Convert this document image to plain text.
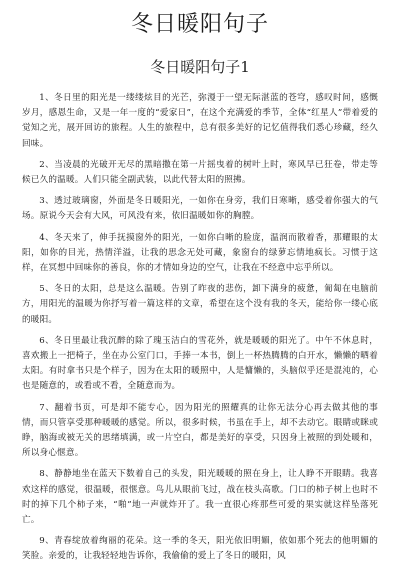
冬日暖阳句子
冬日暖阳句子1

1、冬日里的阳光是一缕缕炫目的光芒，弥漫于一望无际湛蓝的苍穹，感叹时间，感慨岁月，感恩生命，又是一年一度的“爱家日”，在这个充满爱的季节，全体“红星人”带着爱的觉知之光，展开回访的旅程。人生的旅程中，总有很多美好的记忆值得我们悉心珍藏，经久回味。

2、当凌晨的光破开无尽的黑暗撒在第一片摇曳着的树叶上时，寒风早已狂卷，带走等候已久的温暖。人们只能全副武装，以此代替太阳的照拂。

3、透过玻璃窗，外面是冬日暖阳光，一如你在身旁，我们日寒晰，感受着你强大的气场。原说今天会有大风，可风没有来，依旧温暖如你的胸膛。

4、冬天来了，伸手抚摸窗外的阳光，一如你白晰的脸庞，温润而散着香，那耀眼的太阳，如你的目光，热情洋溢，让我的思念无处可藏，象窗台的绿萝忘情地疯长。习惯于这样，在冥想中回味你的善良，你的才情如身边的空气，让我在不经意中忘乎所以。

5、冬日的太阳，总是这么温暖。告别了昨夜的悲伤，卸下满身的疲惫，匍匐在电脑前方，用阳光的温暖为你抒写着一篇这样的文章，希望在这个没有我的冬天，能给你一缕心底的暖阳。

6、冬日里最让我沉醉的除了瑰玉洁白的雪花外，就是暖暖的阳光了。中午不休息时，喜欢搬上一把椅子，坐在办公室门口，手捧一本书，倒上一杯热腾腾的白开水，懒懒的晒着太阳。有时拿书只是个样子，因为在太阳的暖照中，人是慵懒的，头脑似乎还是混沌的，心也是随意的，或看或不看，全随意而为。

7、翻着书页，可是却不能专心，因为阳光的照耀真的让你无法分心再去做其他的事情，而只管享受那种暖暖的感觉。所以，很多时候，书虽在手上，却不去动它。眼睛或眯或睁，脑海或被无关的思绪填满，或一片空白，都是美好的享受，只因身上被照的到处暖和，所以身心惬意。

8、静静地坐在蓝天下数着自己的头发，阳光暖暖的照在身上，让人睁不开眼睛。我喜欢这样的感觉，很温暖，很惬意。鸟儿从眼前飞过，战在枝头高歌。门口的柿子树上也时不时的掉下几个柿子来，“啪”地一声就炸开了。我一直很心疼那些可爱的果实就这样坠落死亡。

9、青春绽放着绚丽的花朵。这一季的冬天，阳光依旧明媚，依如那个死去的他明媚的笑脸。亲爱的，让我轻轻地告诉你，我偷偷的爱上了冬日的暖阳，风
